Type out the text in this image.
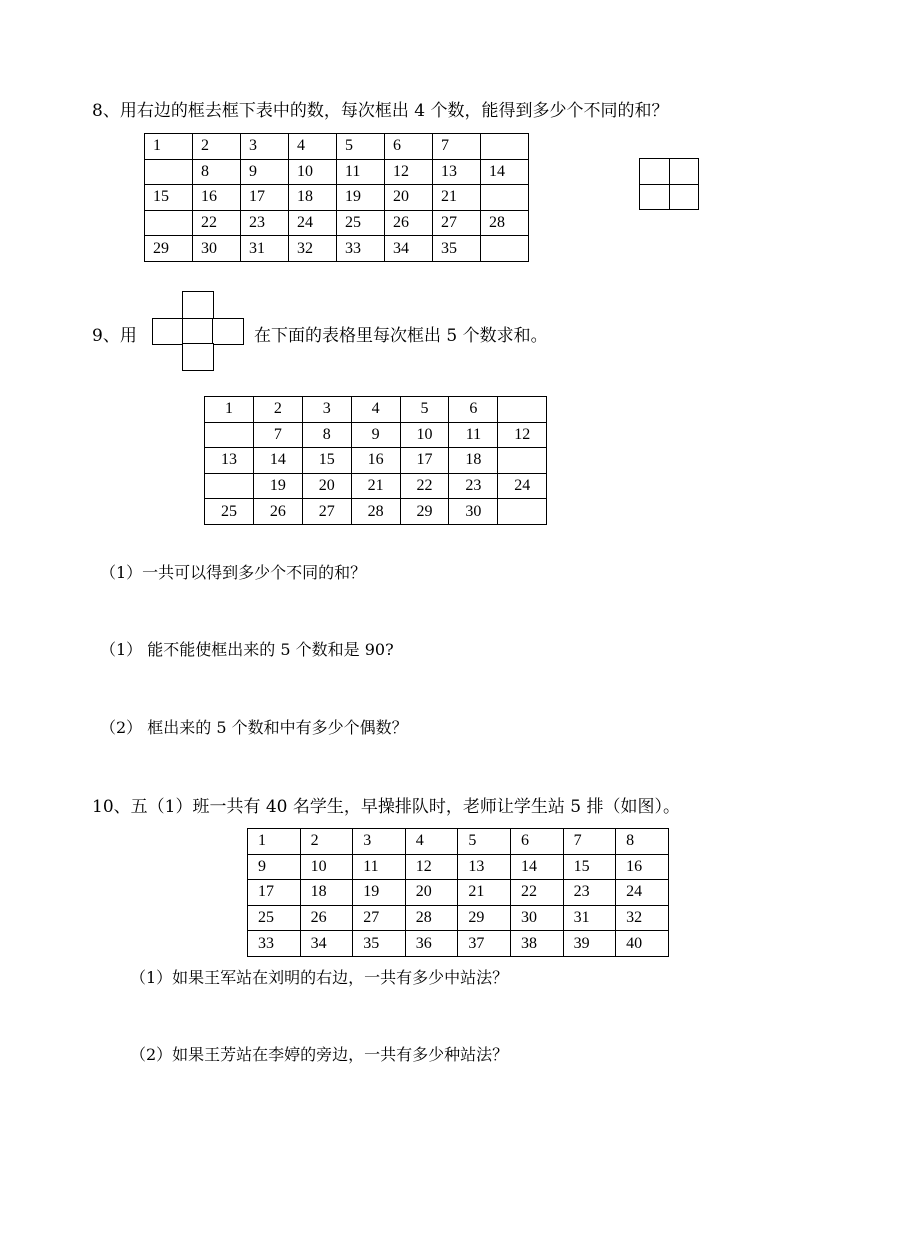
8、用右边的框去框下表中的数，每次框出 4 个数，能得到多少个不同的和？
1	2	3	4	5	6	7	
	8	9	10	11	12	13	14
15	16	17	18	19	20	21	
	22	23	24	25	26	27	28
29	30	31	32	33	34	35	
9、用	在下面的表格里每次框出 5 个数求和。
1	2	3	4	5	6	
	7	8	9	10	11	12
13	14	15	16	17	18	
	19	20	21	22	23	24
25	26	27	28	29	30	
（1）一共可以得到多少个不同的和？
（1） 能不能使框出来的 5 个数和是 90?
（2） 框出来的 5 个数和中有多少个偶数？
10、五（1）班一共有 40 名学生，早操排队时，老师让学生站 5 排（如图）。
1	2	3	4	5	6	7	8
9	10	11	12	13	14	15	16
17	18	19	20	21	22	23	24
25	26	27	28	29	30	31	32
33	34	35	36	37	38	39	40
（1）如果王军站在刘明的右边，一共有多少中站法？
（2）如果王芳站在李婷的旁边，一共有多少种站法？
